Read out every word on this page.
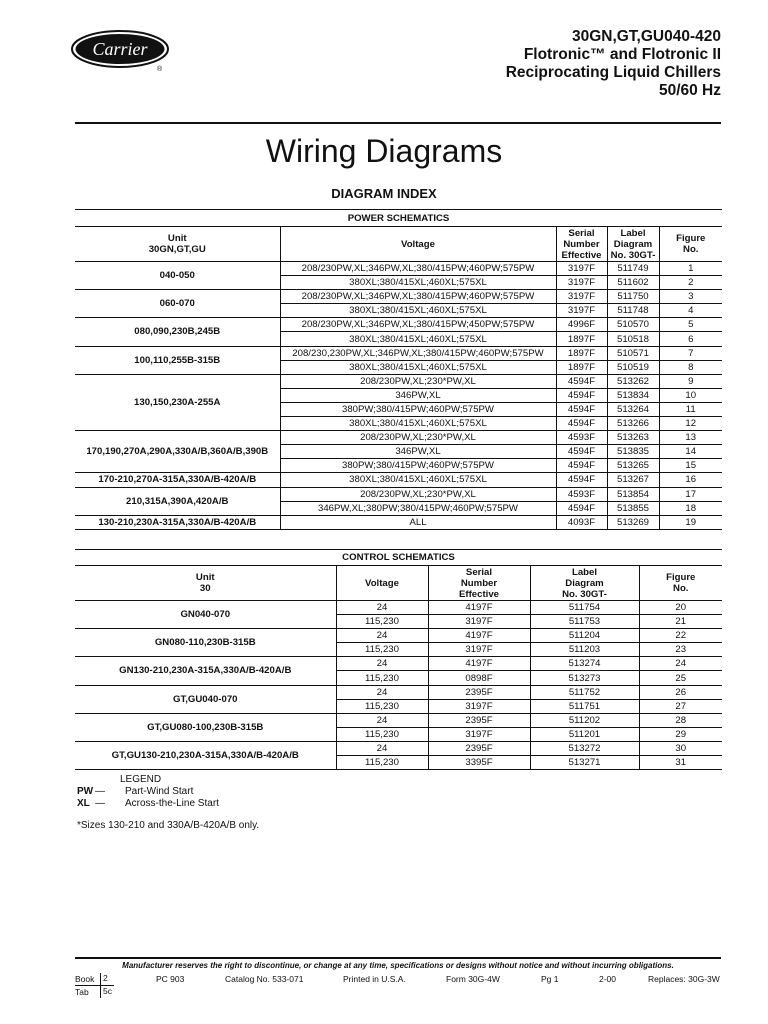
Carrier
®
30GN,GT,GU040-420
Flotronic™ and Flotronic II
Reciprocating Liquid Chillers
50/60 Hz
Wiring Diagrams
DIAGRAM INDEX
POWER SCHEMATICS				
Unit
30GN,GT,GU	Voltage	Serial
Number
Effective	Label
Diagram
No. 30GT-	Figure
No.
040-050	208/230PW,XL;346PW,XL;380/415PW;460PW;575PW	3197F	511749	1
	380XL;380/415XL;460XL;575XL	3197F	511602	2
060-070	208/230PW,XL;346PW,XL;380/415PW;460PW;575PW	3197F	511750	3
	380XL;380/415XL;460XL;575XL	3197F	511748	4
080,090,230B,245B	208/230PW,XL;346PW,XL;380/415PW;450PW;575PW	4996F	510570	5
	380XL;380/415XL;460XL;575XL	1897F	510518	6
100,110,255B-315B	208/230,230PW,XL;346PW,XL;380/415PW;460PW;575PW	1897F	510571	7
	380XL;380/415XL;460XL;575XL	1897F	510519	8
130,150,230A-255A	208/230PW,XL;230*PW,XL	4594F	513262	9
	346PW,XL	4594F	513834	10
	380PW;380/415PW;460PW;575PW	4594F	513264	11
	380XL;380/415XL;460XL;575XL	4594F	513266	12
170,190,270A,290A,330A/B,360A/B,390B	208/230PW,XL;230*PW,XL	4593F	513263	13
	346PW,XL	4594F	513835	14
	380PW;380/415PW;460PW;575PW	4594F	513265	15
170-210,270A-315A,330A/B-420A/B	380XL;380/415XL;460XL;575XL	4594F	513267	16
210,315A,390A,420A/B	208/230PW,XL;230*PW,XL	4593F	513854	17
	346PW,XL;380PW;380/415PW;460PW;575PW	4594F	513855	18
130-210,230A-315A,330A/B-420A/B	ALL	4093F	513269	19
CONTROL SCHEMATICS				
Unit
30	Voltage	Serial
Number
Effective	Label
Diagram
No. 30GT-	Figure
No.
GN040-070	24	4197F	511754	20
	115,230	3197F	511753	21
GN080-110,230B-315B	24	4197F	511204	22
	115,230	3197F	511203	23
GN130-210,230A-315A,330A/B-420A/B	24	4197F	513274	24
	115,230	0898F	513273	25
GT,GU040-070	24	2395F	511752	26
	115,230	3197F	511751	27
GT,GU080-100,230B-315B	24	2395F	511202	28
	115,230	3197F	511201	29
GT,GU130-210,230A-315A,330A/B-420A/B	24	2395F	513272	30
	115,230	3395F	513271	31
LEGEND
PW —	Part-Wind Start
XL —	Across-the-Line Start
*Sizes 130-210 and 330A/B-420A/B only.
Manufacturer reserves the right to discontinue, or change at any time, specifications or designs without notice and without incurring obligations.
Book	2
Tab	5c
PC 903	Catalog No. 533-071	Printed in U.S.A.	Form 30G-4W	Pg 1	2-00	Replaces: 30G-3W
